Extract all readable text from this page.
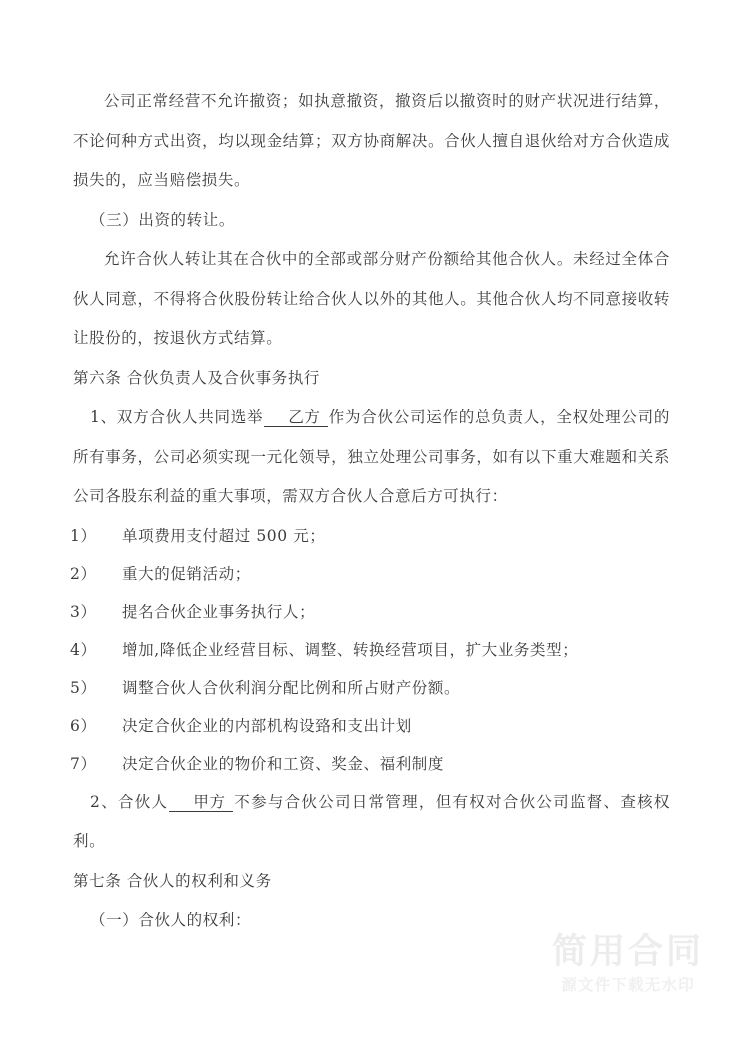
公司正常经营不允许撤资；如执意撤资，撤资后以撤资时的财产状况进行结算，不论何种方式出资，均以现金结算；双方协商解决。合伙人擅自退伙给对方合伙造成损失的，应当赔偿损失。

（三）出资的转让。

允许合伙人转让其在合伙中的全部或部分财产份额给其他合伙人。未经过全体合伙人同意，不得将合伙股份转让给合伙人以外的其他人。其他合伙人均不同意接收转让股份的，按退伙方式结算。

第六条 合伙负责人及合伙事务执行

1、双方合伙人共同选举 乙方 作为合伙公司运作的总负责人，全权处理公司的所有事务，公司必须实现一元化领导，独立处理公司事务，如有以下重大难题和关系公司各股东利益的重大事项，需双方合伙人合意后方可执行：

1） 单项费用支付超过 500 元；
2） 重大的促销活动；
3） 提名合伙企业事务执行人；
4） 增加,降低企业经营目标、调整、转换经营项目，扩大业务类型；
5） 调整合伙人合伙利润分配比例和所占财产份额。
6） 决定合伙企业的内部机构设臵和支出计划
7） 决定合伙企业的物价和工资、奖金、福利制度

2、合伙人 甲方 不参与合伙公司日常管理，但有权对合伙公司监督、查核权利。

第七条 合伙人的权利和义务

（一）合伙人的权利：

简用合同
源文件下载无水印
